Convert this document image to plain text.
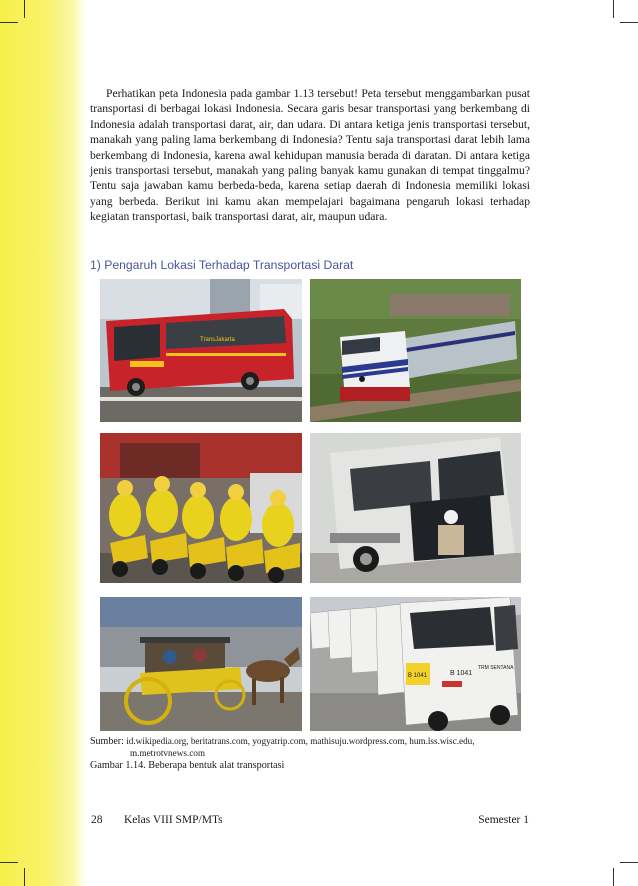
Perhatikan peta Indonesia pada gambar 1.13 tersebut! Peta tersebut menggambarkan pusat transportasi di berbagai lokasi Indonesia. Secara garis besar transportasi yang berkembang di Indonesia adalah transportasi darat, air, dan udara. Di antara ketiga jenis transportasi tersebut, manakah yang paling lama berkembang di Indonesia? Tentu saja transportasi darat lebih lama berkembang di Indonesia, karena awal kehidupan manusia berada di daratan. Di antara ketiga jenis transportasi tersebut, manakah yang paling banyak kamu gunakan di tempat tinggalmu? Tentu saja jawaban kamu berbeda-beda, karena setiap daerah di Indonesia memiliki lokasi yang berbeda. Berikut ini kamu akan mempelajari bagaimana pengaruh lokasi terhadap kegiatan transportasi, baik transportasi darat, air, maupun udara.

1) Pengaruh Lokasi Terhadap Transportasi Darat

TransJakarta
B 1041	B 1041
TRM SENTANA
Sumber: id.wikipedia.org, beritatrans.com, yogyatrip.com, mathisuju.wordpress.com, hum.lss.wisc.edu,
m.metrotvnews.com
Gambar 1.14. Beberapa bentuk alat transportasi
28 Kelas VIII SMP/MTs	Semester 1
